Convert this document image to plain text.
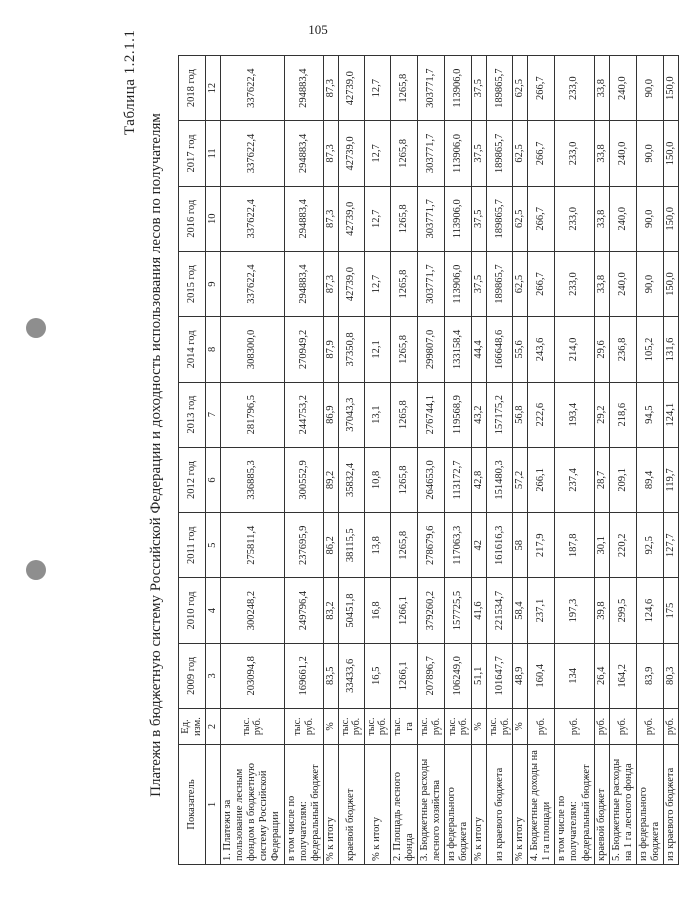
105
Таблица 1.2.1.1
Платежи в бюджетную систему Российской Федерации и доходность использования лесов по получателям
Показатель	Ед. изм.	2009 год	2010 год	2011 год	2012 год	2013 год	2014 год	2015 год	2016 год	2017 год	2018 год
1	2	3	4	5	6	7	8	9	10	11	12
1. Платежи за пользование лесным фондом в бюджетную систему Российской Федерации	тыс. руб.	203094,8	300248,2	275811,4	336885,3	281796,5	308300,0	337622,4	337622,4	337622,4	337622,4
в том числе по получателям: федеральный бюджет	тыс. руб.	169661,2	249796,4	237695,9	300552,9	244753,2	270949,2	294883,4	294883,4	294883,4	294883,4
% к итогу	%	83,5	83,2	86,2	89,2	86,9	87,9	87,3	87,3	87,3	87,3
краевой бюджет	тыс. руб.	33433,6	50451,8	38115,5	35832,4	37043,3	37350,8	42739,0	42739,0	42739,0	42739,0
% к итогу	тыс. руб.	16,5	16,8	13,8	10,8	13,1	12,1	12,7	12,7	12,7	12,7
2. Площадь лесного фонда	тыс. га	1266,1	1266,1	1265,8	1265,8	1265,8	1265,8	1265,8	1265,8	1265,8	1265,8
3. Бюджетные расходы лесного хозяйства	тыс. руб.	207896,7	379260,2	278679,6	264653,0	276744,1	299807,0	303771,7	303771,7	303771,7	303771,7
из федерального бюджета	тыс. руб.	106249,0	157725,5	117063,3	113172,7	119568,9	133158,4	113906,0	113906,0	113906,0	113906,0
% к итогу	%	51,1	41,6	42	42,8	43,2	44,4	37,5	37,5	37,5	37,5
из краевого бюджета	тыс. руб.	101647,7	221534,7	161616,3	151480,3	157175,2	166648,6	189865,7	189865,7	189865,7	189865,7
% к итогу	%	48,9	58,4	58	57,2	56,8	55,6	62,5	62,5	62,5	62,5
4. Бюджетные доходы на 1 га площади	руб.	160,4	237,1	217,9	266,1	222,6	243,6	266,7	266,7	266,7	266,7
в том числе по получателям: федеральный бюджет	руб.	134	197,3	187,8	237,4	193,4	214,0	233,0	233,0	233,0	233,0
краевой бюджет	руб.	26,4	39,8	30,1	28,7	29,2	29,6	33,8	33,8	33,8	33,8
5. Бюджетные расходы на 1 га лесного фонда	руб.	164,2	299,5	220,2	209,1	218,6	236,8	240,0	240,0	240,0	240,0
из федерального бюджета	руб.	83,9	124,6	92,5	89,4	94,5	105,2	90,0	90,0	90,0	90,0
из краевого бюджета	руб.	80,3	175	127,7	119,7	124,1	131,6	150,0	150,0	150,0	150,0
